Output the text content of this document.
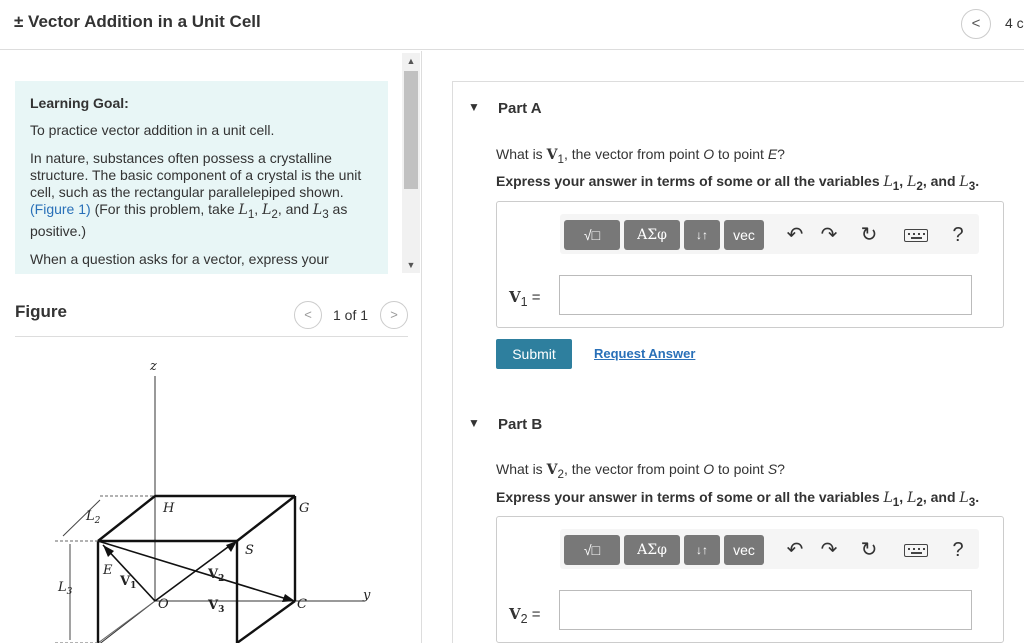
± Vector Addition in a Unit Cell	<	4 c
Learning Goal:

To practice vector addition in a unit cell.

In nature, substances often possess a crystalline structure. The basic component of a crystal is the unit cell, such as the rectangular parallelepiped shown. (Figure 1) (For this problem, take $L_1$, $L_2$, and $L_3$ as positive.)

When a question asks for a vector, express your

▲
▼
Figure	<	1 of 1	>
z
y
H	G
S
E
O	C
$L_2$
$L_3$
$V_1$
$V_2$
$V_3$
▼ Part A
What is $V_1$, the vector from point O to point E?
Express your answer in terms of some or all the variables $L_1$, $L_2$, and $L_3$.
√□	ΑΣφ	↓↑	vec	↶ ↷ ↻	?
$V_1$ =
Submit	Request Answer
▼ Part B
What is $V_2$, the vector from point O to point S?
Express your answer in terms of some or all the variables $L_1$, $L_2$, and $L_3$.
√□	ΑΣφ	↓↑	vec	↶ ↷ ↻	?
$V_2$ =
